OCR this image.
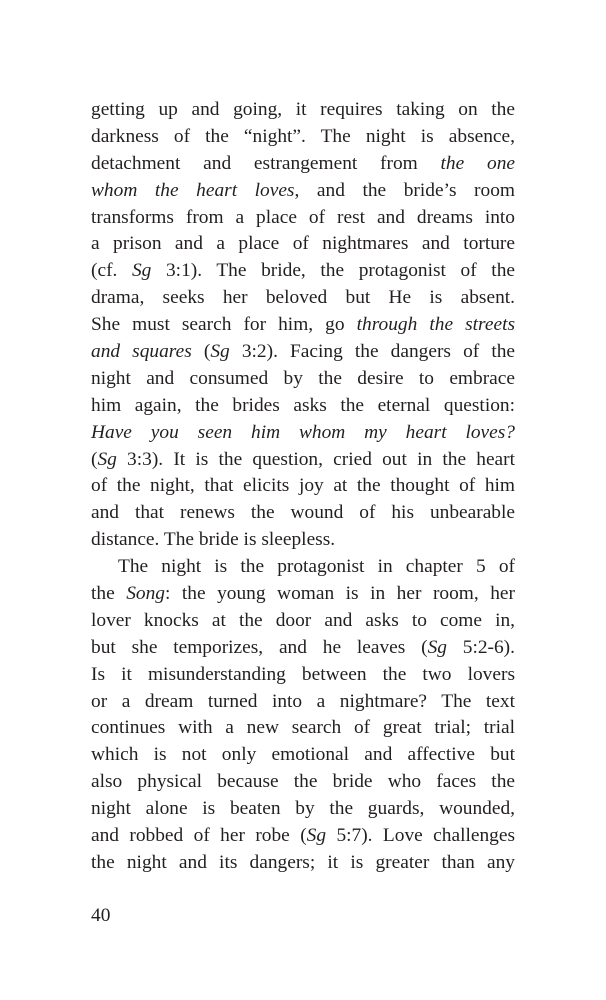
getting up and going, it requires taking on the
darkness of the “night”. The night is absence,
detachment and estrangement from the one
whom the heart loves, and the bride’s room
transforms from a place of rest and dreams into
a prison and a place of nightmares and torture
(cf. Sg 3:1). The bride, the protagonist of the
drama, seeks her beloved but He is absent.
She must search for him, go through the streets
and squares (Sg 3:2). Facing the dangers of the
night and consumed by the desire to embrace
him again, the brides asks the eternal question:
Have you seen him whom my heart loves?
(Sg 3:3). It is the question, cried out in the heart
of the night, that elicits joy at the thought of him
and that renews the wound of his unbearable
distance. The bride is sleepless.
The night is the protagonist in chapter 5 of
the Song: the young woman is in her room, her
lover knocks at the door and asks to come in,
but she temporizes, and he leaves (Sg 5:2-6).
Is it misunderstanding between the two lovers
or a dream turned into a nightmare? The text
continues with a new search of great trial; trial
which is not only emotional and affective but
also physical because the bride who faces the
night alone is beaten by the guards, wounded,
and robbed of her robe (Sg 5:7). Love challenges
the night and its dangers; it is greater than any
40
